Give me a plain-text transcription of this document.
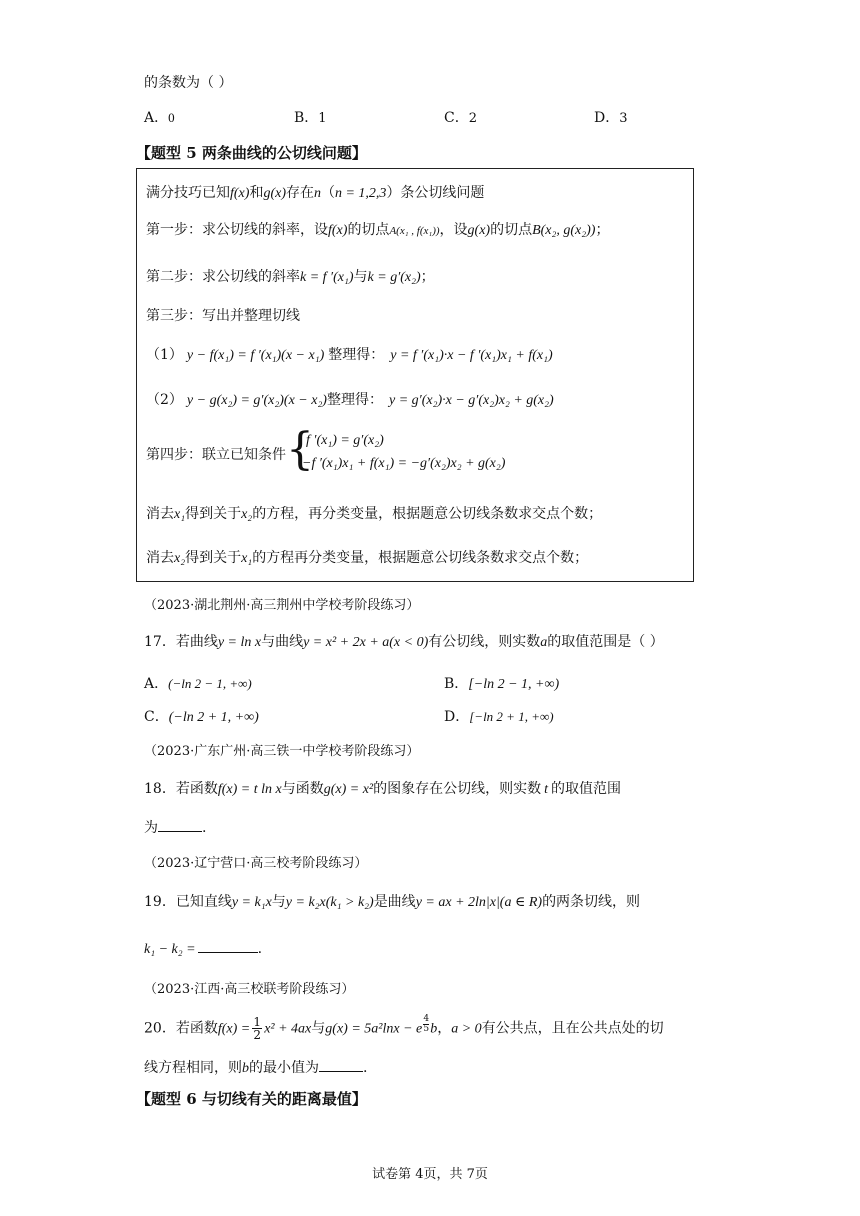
的条数为（ ）
A．0	B．1	C．2	D．3
【题型 5 两条曲线的公切线问题】
满分技巧已知f(x)和g(x)存在n（n = 1,2,3）条公切线问题
第一步：求公切线的斜率，设f(x)的切点A(x₁ , f(x₁))，设g(x)的切点B(x₂, g(x₂))；
第二步：求公切线的斜率k = f ′(x₁)与k = g′(x₂)；
第三步：写出并整理切线
（1） y − f(x₁) = f ′(x₁)(x − x₁) 整理得： y = f ′(x₁)·x − f ′(x₁)x₁ + f(x₁)
（2） y − g(x₂) = g′(x₂)(x − x₂)整理得： y = g′(x₂)·x − g′(x₂)x₂ + g(x₂)
第四步：联立已知条件 {
f ′(x₁) = g′(x₂)
−f ′(x₁)x₁ + f(x₁) = −g′(x₂)x₂ + g(x₂)
消去x₁得到关于x₂的方程，再分类变量，根据题意公切线条数求交点个数；
消去x₂得到关于x₁的方程再分类变量，根据题意公切线条数求交点个数；
（2023·湖北荆州·高三荆州中学校考阶段练习）
17．若曲线y = ln x与曲线y = x² + 2x + a(x < 0)有公切线，则实数a的取值范围是（ ）
A．(−ln 2 − 1, +∞)	B．[−ln 2 − 1, +∞)
C．(−ln 2 + 1, +∞)	D．[−ln 2 + 1, +∞)
（2023·广东广州·高三铁一中学校考阶段练习）
18．若函数f(x) = t ln x与函数g(x) = x²的图象存在公切线，则实数 t 的取值范围
为	.
（2023·辽宁营口·高三校考阶段练习）
19．已知直线y = k₁x与y = k₂x(k₁ > k₂)是曲线y = ax + 2ln|x|(a ∈ R)的两条切线，则
k₁ − k₂ =	.
（2023·江西·高三校联考阶段练习）
20．若函数$f(x) = \frac{1}{2} x^2 + 4ax$与g(x) = 5a²lnx − e $\frac{4}{5}$ b，a > 0有公共点，且在公共点处的切
线方程相同，则b的最小值为	.
【题型 6 与切线有关的距离最值】
试卷第 4页，共 7页
